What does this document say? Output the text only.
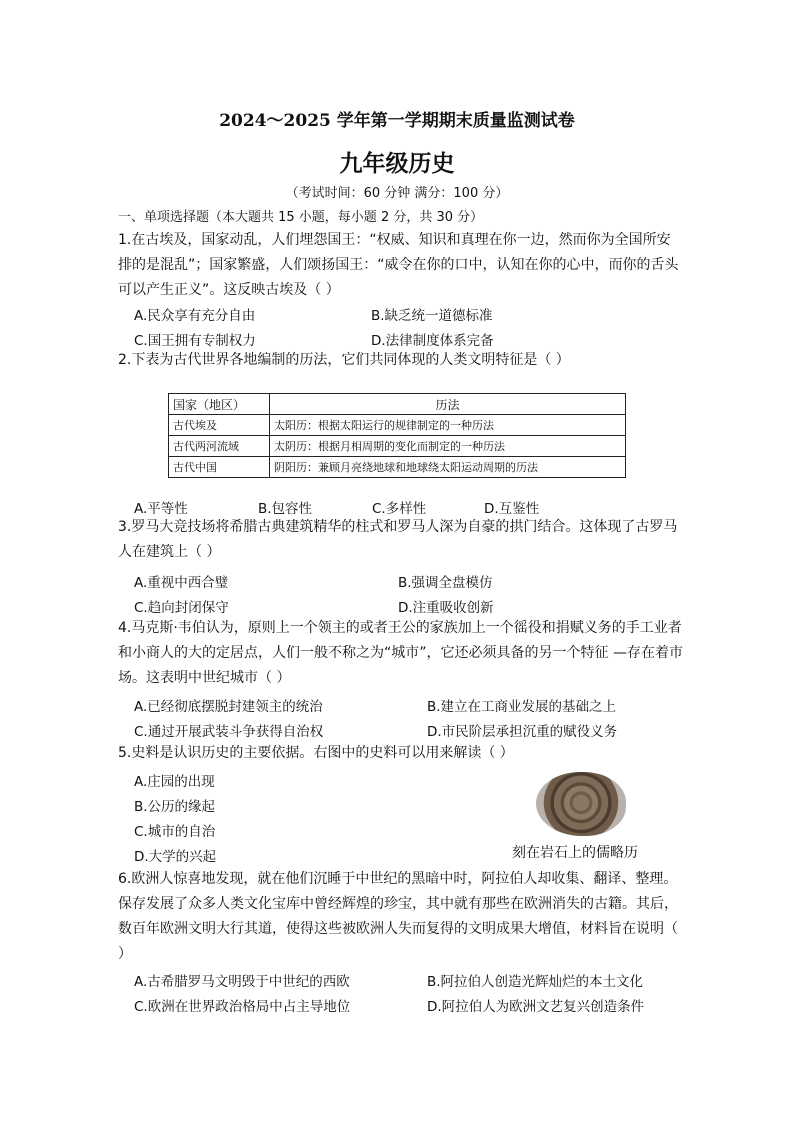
2024～2025 学年第一学期期末质量监测试卷
九年级历史
（考试时间：60 分钟 满分：100 分）
一、单项选择题（本大题共 15 小题，每小题 2 分，共 30 分）
1.在古埃及，国家动乱，人们埋怨国王：“权威、知识和真理在你一边，然而你为全国所安排的是混乱”；国家繁盛，人们颂扬国王：“威令在你的口中，认知在你的心中，而你的舌头可以产生正义”。这反映古埃及（ ）
A.民众享有充分自由	B.缺乏统一道德标准
C.国王拥有专制权力	D.法律制度体系完备
2.下表为古代世界各地编制的历法，它们共同体现的人类文明特征是（ ）
国家（地区）	历法
古代埃及	太阳历：根据太阳运行的规律制定的一种历法
古代两河流域	太阴历：根据月相周期的变化而制定的一种历法
古代中国	阴阳历：兼顾月亮绕地球和地球绕太阳运动周期的历法
A.平等性	B.包容性	C.多样性	D.互鉴性
3.罗马大竞技场将希腊古典建筑精华的柱式和罗马人深为自豪的拱门结合。这体现了古罗马人在建筑上（ ）
A.重视中西合璧	B.强调全盘模仿
C.趋向封闭保守	D.注重吸收创新
4.马克斯·韦伯认为，原则上一个领主的或者王公的家族加上一个徭役和捐赋义务的手工业者和小商人的大的定居点，人们一般不称之为“城市”，它还必须具备的另一个特征 —存在着市场。这表明中世纪城市（ ）
A.已经彻底摆脱封建领主的统治	B.建立在工商业发展的基础之上
C.通过开展武装斗争获得自治权	D.市民阶层承担沉重的赋役义务
5.史料是认识历史的主要依据。右图中的史料可以用来解读（ ）
A.庄园的出现
B.公历的缘起
C.城市的自治
D.大学的兴起	刻在岩石上的儒略历
6.欧洲人惊喜地发现，就在他们沉睡于中世纪的黑暗中时，阿拉伯人却收集、翻译、整理。保存发展了众多人类文化宝库中曾经辉煌的珍宝，其中就有那些在欧洲消失的古籍。其后，数百年欧洲文明大行其道，使得这些被欧洲人失而复得的文明成果大增值，材料旨在说明（ ）
A.古希腊罗马文明毁于中世纪的西欧	B.阿拉伯人创造光辉灿烂的本土文化
C.欧洲在世界政治格局中占主导地位	D.阿拉伯人为欧洲文艺复兴创造条件
